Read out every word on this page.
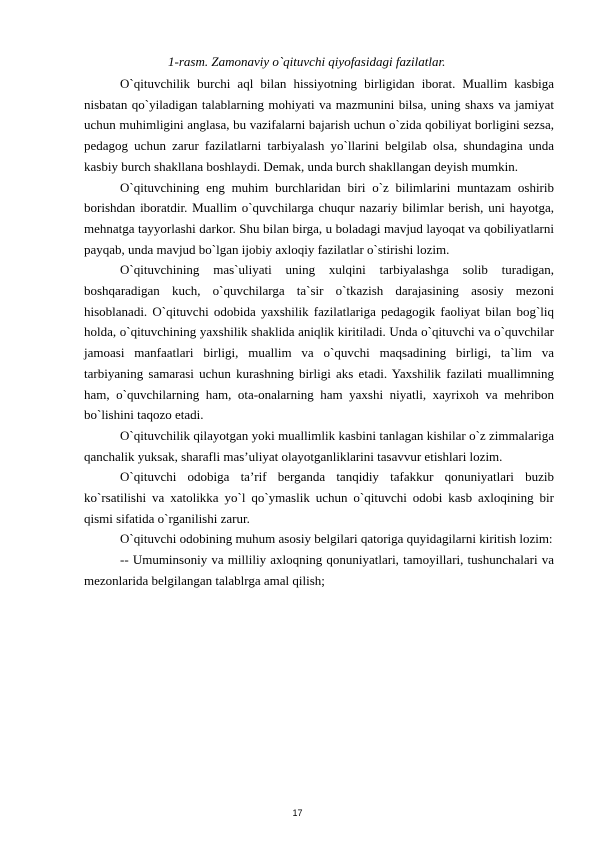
1-rasm. Zamonaviy o`qituvchi qiyofasidagi fazilatlar.

O`qituvchilik burchi aql bilan hissiyotning birligidan iborat. Muallim kasbiga nisbatan qo`yiladigan talablarning mohiyati va mazmunini bilsa, uning shaxs va jamiyat uchun muhimligini anglasa, bu vazifalarni bajarish uchun o`zida qobiliyat borligini sezsa, pedagog uchun zarur fazilatlarni tarbiyalash yo`llarini belgilab olsa, shundagina unda kasbiy burch shakllana boshlaydi. Demak, unda burch shakllangan deyish mumkin.

O`qituvchining eng muhim burchlaridan biri o`z bilimlarini muntazam oshirib borishdan iboratdir. Muallim o`quvchilarga chuqur nazariy bilimlar berish, uni hayotga, mehnatga tayyorlashi darkor. Shu bilan birga, u boladagi mavjud layoqat va qobiliyatlarni payqab, unda mavjud bo`lgan ijobiy axloqiy fazilatlar o`stirishi lozim.

O`qituvchining mas`uliyati uning xulqini tarbiyalashga solib turadigan, boshqaradigan kuch, o`quvchilarga ta`sir o`tkazish darajasining asosiy mezoni hisoblanadi. O`qituvchi odobida yaxshilik fazilatlariga pedagogik faoliyat bilan bog`liq holda, o`qituvchining yaxshilik shaklida aniqlik kiritiladi. Unda o`qituvchi va o`quvchilar jamoasi manfaatlari birligi, muallim va o`quvchi maqsadining birligi, ta`lim va tarbiyaning samarasi uchun kurashning birligi aks etadi. Yaxshilik fazilati muallimning ham, o`quvchilarning ham, ota-onalarning ham yaxshi niyatli, xayrixoh va mehribon bo`lishini taqozo etadi.

O`qituvchilik qilayotgan yoki muallimlik kasbini tanlagan kishilar o`z zimmalariga qanchalik yuksak, sharafli mas’uliyat olayotganliklarini tasavvur etishlari lozim.

O`qituvchi odobiga ta’rif berganda tanqidiy tafakkur qonuniyatlari buzib ko`rsatilishi va xatolikka yo`l qo`ymaslik uchun o`qituvchi odobi kasb axloqining bir qismi sifatida o`rganilishi zarur.

O`qituvchi odobining muhum asosiy belgilari qatoriga quyidagilarni kiritish lozim:

-- Umuminsoniy va milliliy axloqning qonuniyatlari, tamoyillari, tushunchalari va mezonlarida belgilangan talablrga amal qilish;

17
